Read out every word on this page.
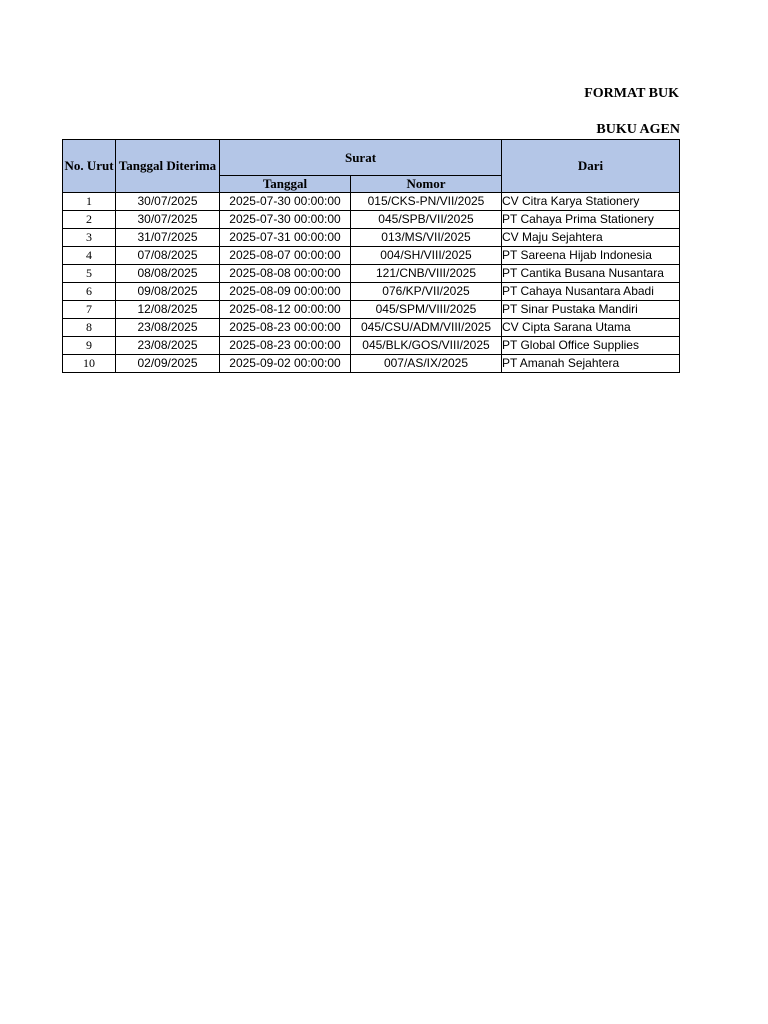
FORMAT BUK
BUKU AGEN
No. Urut	Tanggal Diterima	Surat		Dari
		Tanggal	Nomor	
1	30/07/2025	2025-07-30 00:00:00	015/CKS-PN/VII/2025	CV Citra Karya Stationery
2	30/07/2025	2025-07-30 00:00:00	045/SPB/VII/2025	PT Cahaya Prima Stationery
3	31/07/2025	2025-07-31 00:00:00	013/MS/VII/2025	CV Maju Sejahtera
4	07/08/2025	2025-08-07 00:00:00	004/SH/VIII/2025	PT Sareena Hijab Indonesia
5	08/08/2025	2025-08-08 00:00:00	121/CNB/VIII/2025	PT Cantika Busana Nusantara
6	09/08/2025	2025-08-09 00:00:00	076/KP/VII/2025	PT Cahaya Nusantara Abadi
7	12/08/2025	2025-08-12 00:00:00	045/SPM/VIII/2025	PT Sinar Pustaka Mandiri
8	23/08/2025	2025-08-23 00:00:00	045/CSU/ADM/VIII/2025	CV Cipta Sarana Utama
9	23/08/2025	2025-08-23 00:00:00	045/BLK/GOS/VIII/2025	PT Global Office Supplies
10	02/09/2025	2025-09-02 00:00:00	007/AS/IX/2025	PT Amanah Sejahtera
